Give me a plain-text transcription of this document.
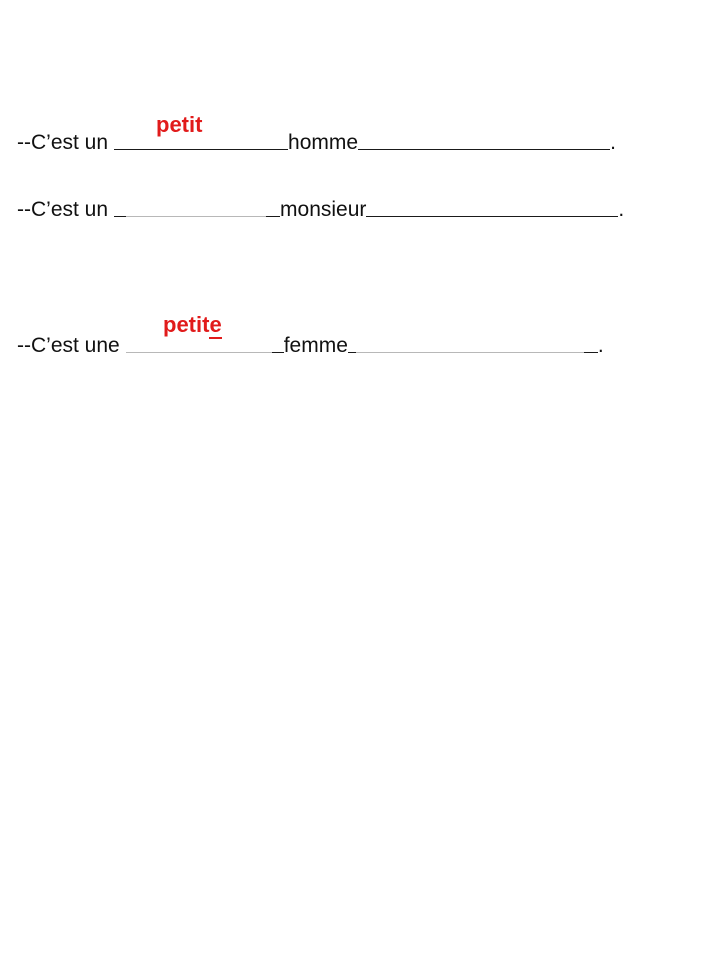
--C’est un	homme	.
petit
--C’est un	monsieur	.
--C’est une	femme	.
petite
